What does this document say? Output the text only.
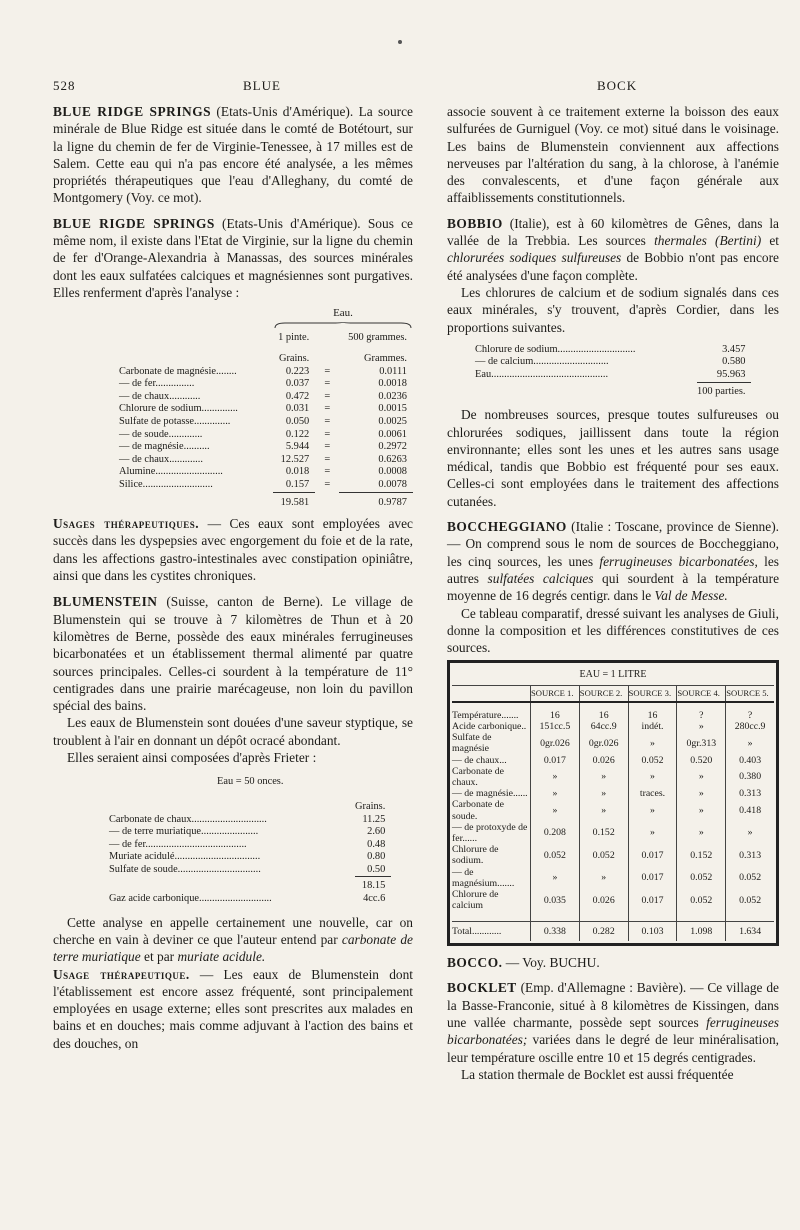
528	BLUE	BOCK

BLUE RIDGE SPRINGS (Etats-Unis d'Amérique). La source minérale de Blue Ridge est située dans le comté de Botétourt, sur la ligne du chemin de fer de Virginie-Tenessee, à 17 milles est de Salem. Cette eau qui n'a pas encore été analysée, a les mêmes propriétés thérapeutiques que l'eau d'Alleghany, du comté de Montgomery (Voy. ce mot).

BLUE RIGDE SPRINGS (Etats-Unis d'Amérique). Sous ce même nom, il existe dans l'Etat de Virginie, sur la ligne du chemin de fer d'Orange-Alexandria à Manassas, des sources minérales dont les eaux sulfatées calciques et magnésiennes sont purgatives. Elles renferment d'après l'analyse :

	Eau.		

	1 pinte.		500 grammes.

	Grains.		Grammes.
Carbonate de magnésie........	0.223	=	0.0111
— de fer...............	0.037	=	0.0018
— de chaux............	0.472	=	0.0236
Chlorure de sodium..............	0.031	=	0.0015
Sulfate de potasse..............	0.050	=	0.0025
— de soude.............	0.122	=	0.0061
— de magnésie..........	5.944	=	0.2972
— de chaux.............	12.527	=	0.6263
Alumine..........................	0.018	=	0.0008
Silice...........................	0.157	=	0.0078
	19.581		0.9787

Usages thérapeutiques. — Ces eaux sont employées avec succès dans les dyspepsies avec engorgement du foie et de la rate, dans les affections gastro-intestinales avec constipation opiniâtre, ainsi que dans les cystites chroniques.

BLUMENSTEIN (Suisse, canton de Berne). Le village de Blumenstein qui se trouve à 7 kilomètres de Thun et à 20 kilomètres de Berne, possède des eaux minérales ferrugineuses bicarbonatées et un établissement thermal alimenté par quatre sources principales. Celles-ci sourdent à la température de 11° centigrades dans une prairie marécageuse, non loin du pavillon spécial des bains.

Les eaux de Blumenstein sont douées d'une saveur styptique, se troublent à l'air en donnant un dépôt ocracé abondant.

Elles seraient ainsi composées d'après Frieter :

Eau = 50 onces.
	Grains.
Carbonate de chaux.............................	11.25
— de terre muriatique......................	2.60
— de fer.......................................	0.48
Muriate acidulé.................................	0.80
Sulfate de soude................................	0.50
	18.15
Gaz acide carbonique............................	4cc.6

Cette analyse en appelle certainement une nouvelle, car on cherche en vain à deviner ce que l'auteur entend par carbonate de terre muriatique et par muriate acidule.

Usage thérapeutique. — Les eaux de Blumenstein dont l'établissement est encore assez fréquenté, sont principalement employées en usage externe; elles sont prescrites aux malades en bains et en douches; mais comme adjuvant à l'action des bains et des douches, on

associe souvent à ce traitement externe la boisson des eaux sulfurées de Gurniguel (Voy. ce mot) situé dans le voisinage. Les bains de Blumenstein conviennent aux affections nerveuses par l'altération du sang, à la chlorose, à l'anémie des convalescents, et d'une façon générale aux affaiblissements constitutionnels.

BOBBIO (Italie), est à 60 kilomètres de Gênes, dans la vallée de la Trebbia. Les sources thermales (Bertini) et chlorurées sodiques sulfureuses de Bobbio n'ont pas encore été analysées d'une façon complète.

Les chlorures de calcium et de sodium signalés dans ces eaux minérales, s'y trouvent, d'après Cordier, dans les proportions suivantes.

Chlorure de sodium..............................	3.457
— de calcium.............................	0.580
Eau.............................................	95.963
	100 parties.

De nombreuses sources, presque toutes sulfureuses ou chlorurées sodiques, jaillissent dans toute la région environnante; elles sont les unes et les autres sans usage médical, tandis que Bobbio est fréquenté pour ses eaux. Celles-ci sont employées dans le traitement des affections cutanées.

BOCCHEGGIANO (Italie : Toscane, province de Sienne). — On comprend sous le nom de sources de Boccheggiano, les cinq sources, les unes ferrugineuses bicarbonatées, les autres sulfatées calciques qui sourdent à la température moyenne de 16 degrés centigr. dans le Val de Messe.

Ce tableau comparatif, dressé suivant les analyses de Giuli, donne la composition et les différences constitutives de ces sources.

EAU = 1 LITRE					
	SOURCE 1.	SOURCE 2.	SOURCE 3.	SOURCE 4.	SOURCE 5.

Température.......	16	16	16	?	?
Acide carbonique..	151cc.5	64cc.9	indét.	»	280cc.9
Sulfate de magnésie	0gr.026	0gr.026	»	0gr.313	»
— de chaux...	0.017	0.026	0.052	0.520	0.403
Carbonate de chaux.	»	»	»	»	0.380
— de magnésie......	»	»	traces.	»	0.313
Carbonate de soude.	»	»	»	»	0.418
— de protoxyde de fer......	0.208	0.152	»	»	»
Chlorure de sodium.	0.052	0.052	0.017	0.152	0.313
— de magnésium.......	»	»	0.017	0.052	0.052
Chlorure de calcium	0.035	0.026	0.017	0.052	0.052

Total............	0.338	0.282	0.103	1.098	1.634

BOCCO. — Voy. BUCHU.

BOCKLET (Emp. d'Allemagne : Bavière). — Ce village de la Basse-Franconie, situé à 8 kilomètres de Kissingen, dans une vallée charmante, possède sept sources ferrugineuses bicarbonatées; variées dans le degré de leur minéralisation, leur température oscille entre 10 et 15 degrés centigrades.

La station thermale de Bocklet est aussi fréquentée
